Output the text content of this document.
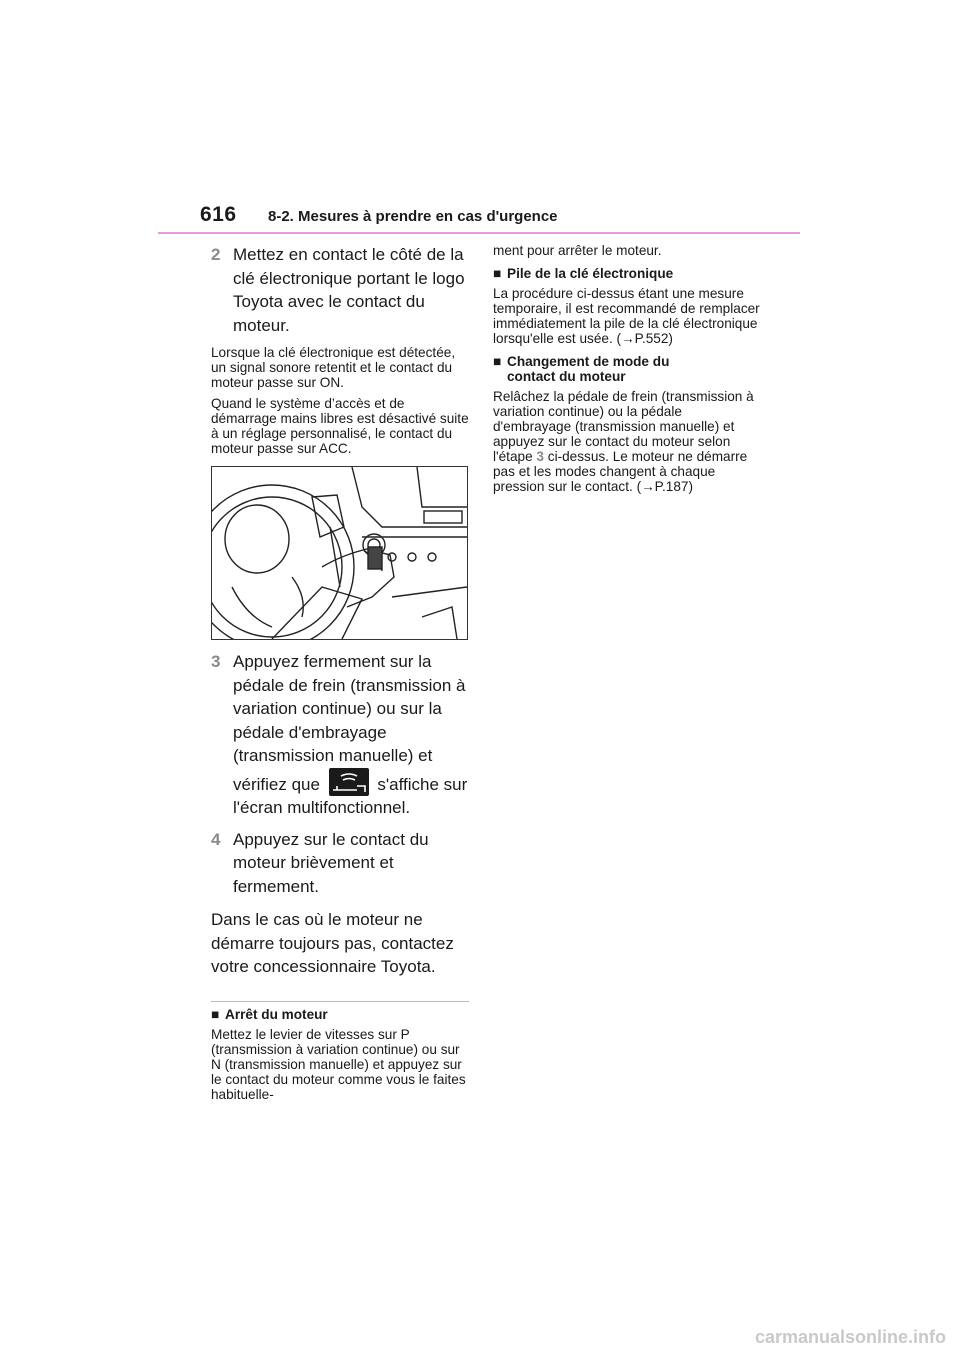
616 8-2. Mesures à prendre en cas d'urgence
2 Mettez en contact le côté de la clé électronique portant le logo Toyota avec le contact du moteur.

Lorsque la clé électronique est détectée, un signal sonore retentit et le contact du moteur passe sur ON.

Quand le système d’accès et de démarrage mains libres est désactivé suite à un réglage personnalisé, le contact du moteur passe sur ACC.

3 Appuyez fermement sur la pédale de frein (transmission à variation continue) ou sur la pédale d'embrayage (transmission manuelle) et vérifiez que	s'affiche sur l'écran multifonctionnel.
4 Appuyez sur le contact du moteur brièvement et fermement.
Dans le cas où le moteur ne démarre toujours pas, contactez votre concessionnaire Toyota.
■ Arrêt du moteur
Mettez le levier de vitesses sur P (transmission à variation continue) ou sur N (transmission manuelle) et appuyez sur le contact du moteur comme vous le faites habituelle-
ment pour arrêter le moteur.
■ Pile de la clé électronique
La procédure ci-dessus étant une mesure temporaire, il est recommandé de remplacer immédiatement la pile de la clé électronique lorsqu'elle est usée. (→P.552)
■ Changement de mode du
contact du moteur
Relâchez la pédale de frein (transmission à variation continue) ou la pédale d'embrayage (transmission manuelle) et appuyez sur le contact du moteur selon l'étape 3 ci-dessus. Le moteur ne démarre pas et les modes changent à chaque pression sur le contact. (→P.187)
carmanualsonline.info
